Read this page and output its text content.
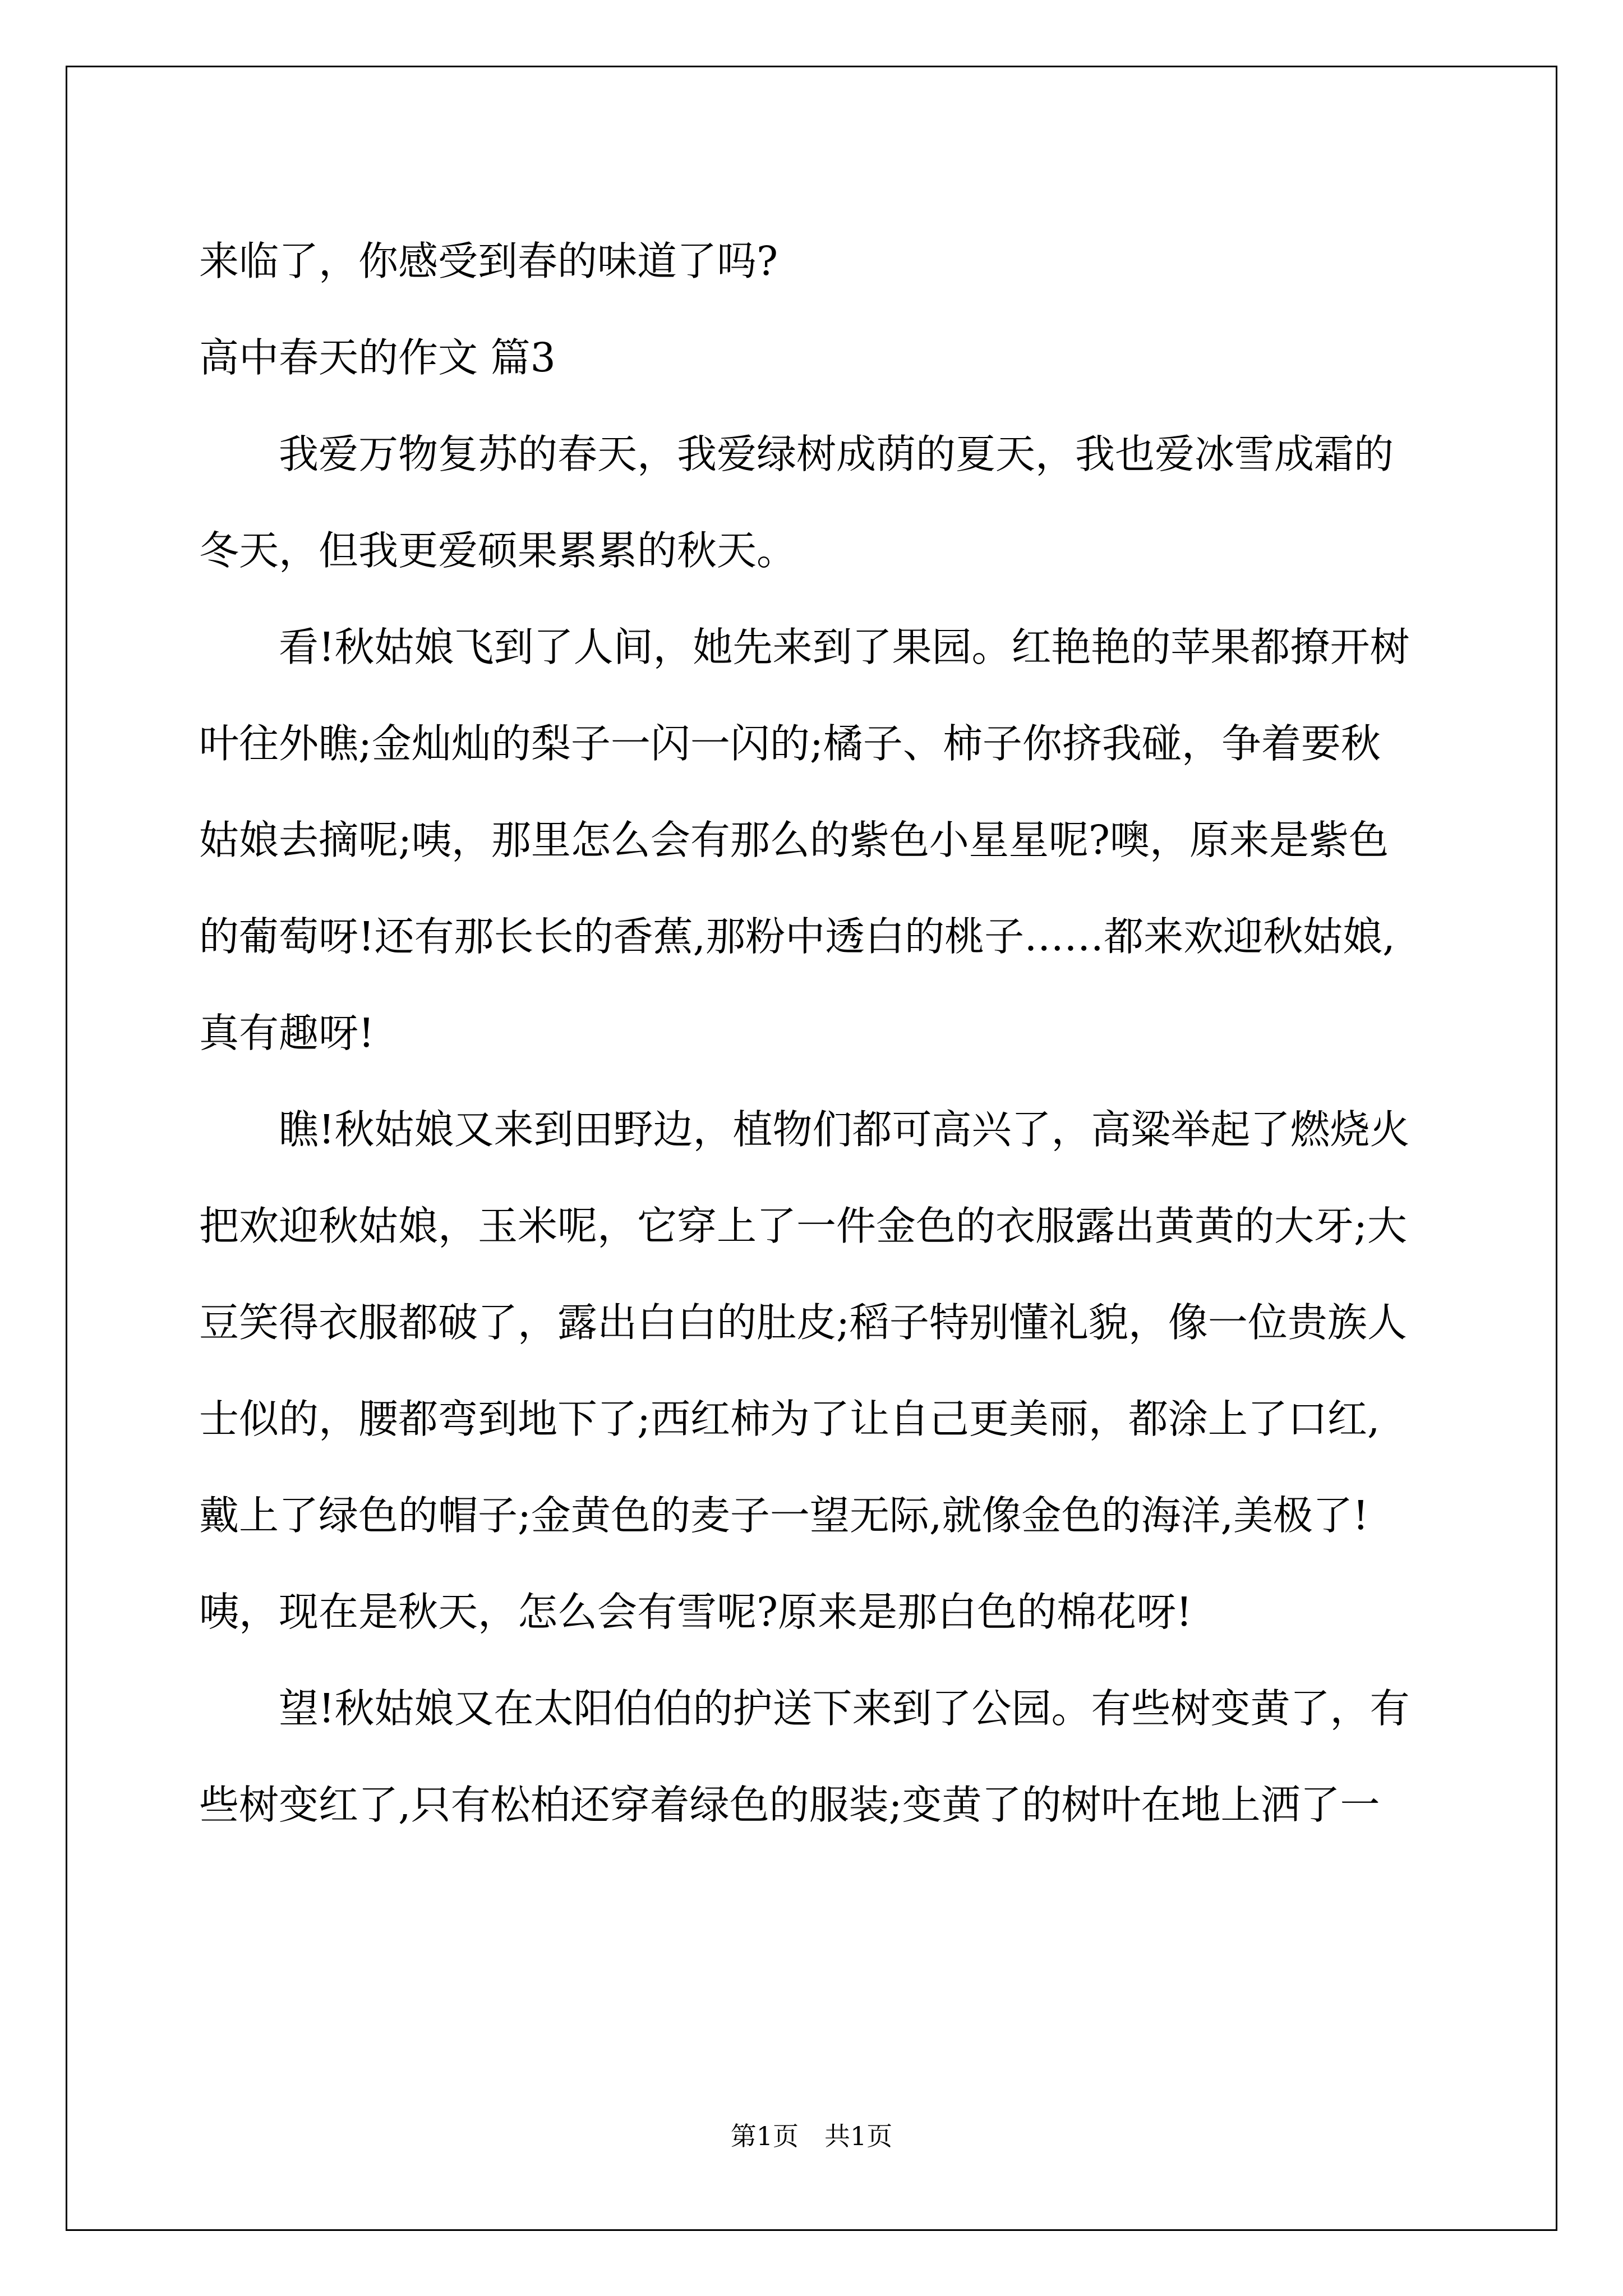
来临了，你感受到春的味道了吗?
高中春天的作文 篇3
我爱万物复苏的春天，我爱绿树成荫的夏天，我也爱冰雪成霜的
冬天，但我更爱硕果累累的秋天。
看!秋姑娘飞到了人间，她先来到了果园。红艳艳的苹果都撩开树
叶往外瞧;金灿灿的梨子一闪一闪的;橘子、柿子你挤我碰，争着要秋
姑娘去摘呢;咦，那里怎么会有那么的紫色小星星呢?噢，原来是紫色
的葡萄呀!还有那长长的香蕉,那粉中透白的桃子……都来欢迎秋姑娘,
真有趣呀!
瞧!秋姑娘又来到田野边，植物们都可高兴了，高粱举起了燃烧火
把欢迎秋姑娘，玉米呢，它穿上了一件金色的衣服露出黄黄的大牙;大
豆笑得衣服都破了，露出白白的肚皮;稻子特别懂礼貌，像一位贵族人
士似的，腰都弯到地下了;西红柿为了让自己更美丽，都涂上了口红,
戴上了绿色的帽子;金黄色的麦子一望无际,就像金色的海洋,美极了!
咦，现在是秋天，怎么会有雪呢?原来是那白色的棉花呀!
望!秋姑娘又在太阳伯伯的护送下来到了公园。有些树变黄了，有
些树变红了,只有松柏还穿着绿色的服装;变黄了的树叶在地上洒了一
第1页 共1页
